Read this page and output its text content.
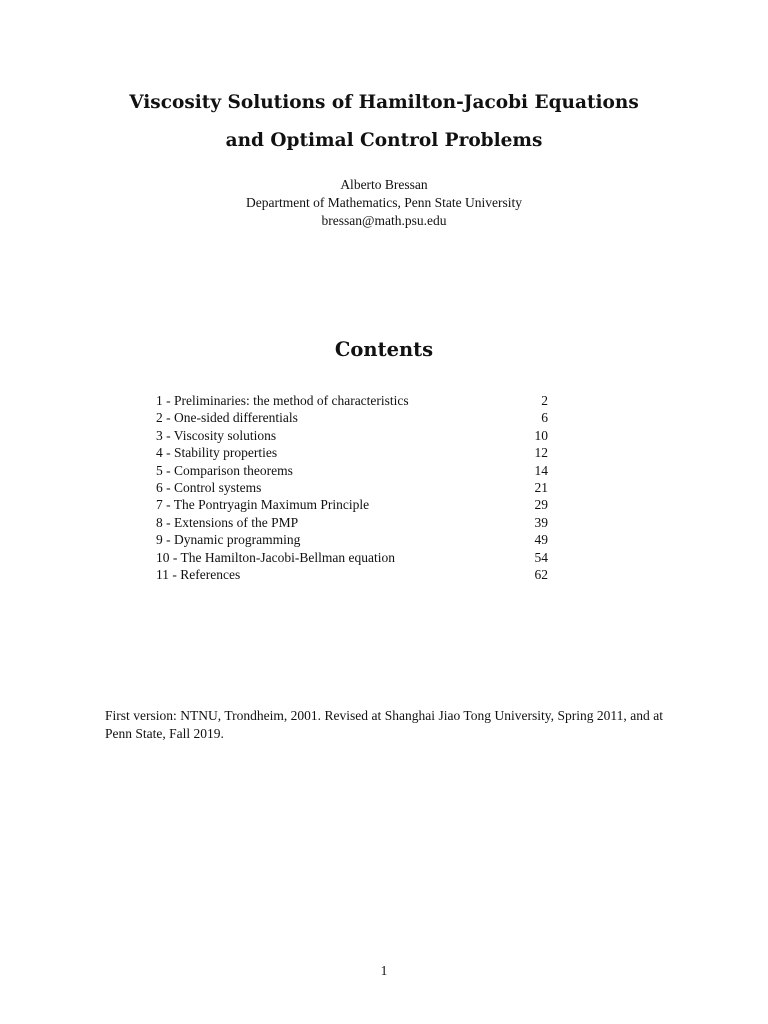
Viscosity Solutions of Hamilton-Jacobi Equations
and Optimal Control Problems
Alberto Bressan
Department of Mathematics, Penn State University
bressan@math.psu.edu
Contents
1 - Preliminaries: the method of characteristics	2
2 - One-sided differentials	6
3 - Viscosity solutions	10
4 - Stability properties	12
5 - Comparison theorems	14
6 - Control systems	21
7 - The Pontryagin Maximum Principle	29
8 - Extensions of the PMP	39
9 - Dynamic programming	49
10 - The Hamilton-Jacobi-Bellman equation	54
11 - References	62
First version: NTNU, Trondheim, 2001. Revised at Shanghai Jiao Tong University, Spring 2011, and at Penn State, Fall 2019.
1
